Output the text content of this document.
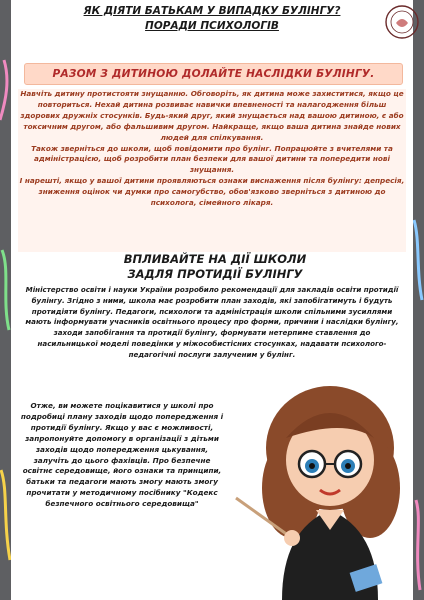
ЯК ДІЯТИ БАТЬКАМ У ВИПАДКУ БУЛІНГУ?
ПОРАДИ ПСИХОЛОГІВ
РАЗОМ З ДИТИНОЮ ДОЛАЙТЕ НАСЛІДКИ БУЛІНГУ.

Навчіть дитину протистояти знущанню. Обговоріть, як дитина може захиститися, якщо це повториться. Нехай дитина розвиває навички впевненості та налагодження більш здорових дружніх стосунків. Будь-який друг, який знущається над вашою дитиною, є або токсичним другом, або фальшивим другом. Найкраще, якщо ваша дитина знайде нових людей для спілкування.

Також зверніться до школи, щоб повідомити про булінг. Попрацюйте з вчителями та адміністрацією, щоб розробити план безпеки для вашої дитини та попередити нові знущання.

І нарешті, якщо у вашої дитини проявляються ознаки виснаження після булінгу: депресія, зниження оцінок чи думки про самогубство, обов'язково зверніться з дитиною до психолога, сімейного лікаря.

ВПЛИВАЙТЕ НА ДІЇ ШКОЛИ
ЗАДЛЯ ПРОТИДІЇ БУЛІНГУ

Міністерство освіти і науки України розробило рекомендації для закладів освіти протидії булінгу. Згідно з ними, школа має розробити план заходів, які запобігатимуть і будуть протидіяти булінгу. Педагоги, психологи та адміністрація школи спільними зусиллями мають інформувати учасників освітнього процесу про форми, причини і наслідки булінгу, заходи запобігання та протидії булінгу, формувати нетерпиме ставлення до насильницької моделі поведінки у міжособистісних стосунках, надавати психолого-педагогічні послуги залученим у булінг.

Отже, ви можете поцікавитися у школі про подробиці плану заходів щодо попередження і протидії булінгу. Якщо у вас є можливості, запропонуйте допомогу в організації з дітьми заходів щодо попередження цькування, залучіть до цього фахівців. Про безпечне освітнє середовище, його ознаки та принципи, батьки та педагоги мають змогу мають змогу прочитати у методичному посібнику "Кодекс безпечного освітнього середовища"
